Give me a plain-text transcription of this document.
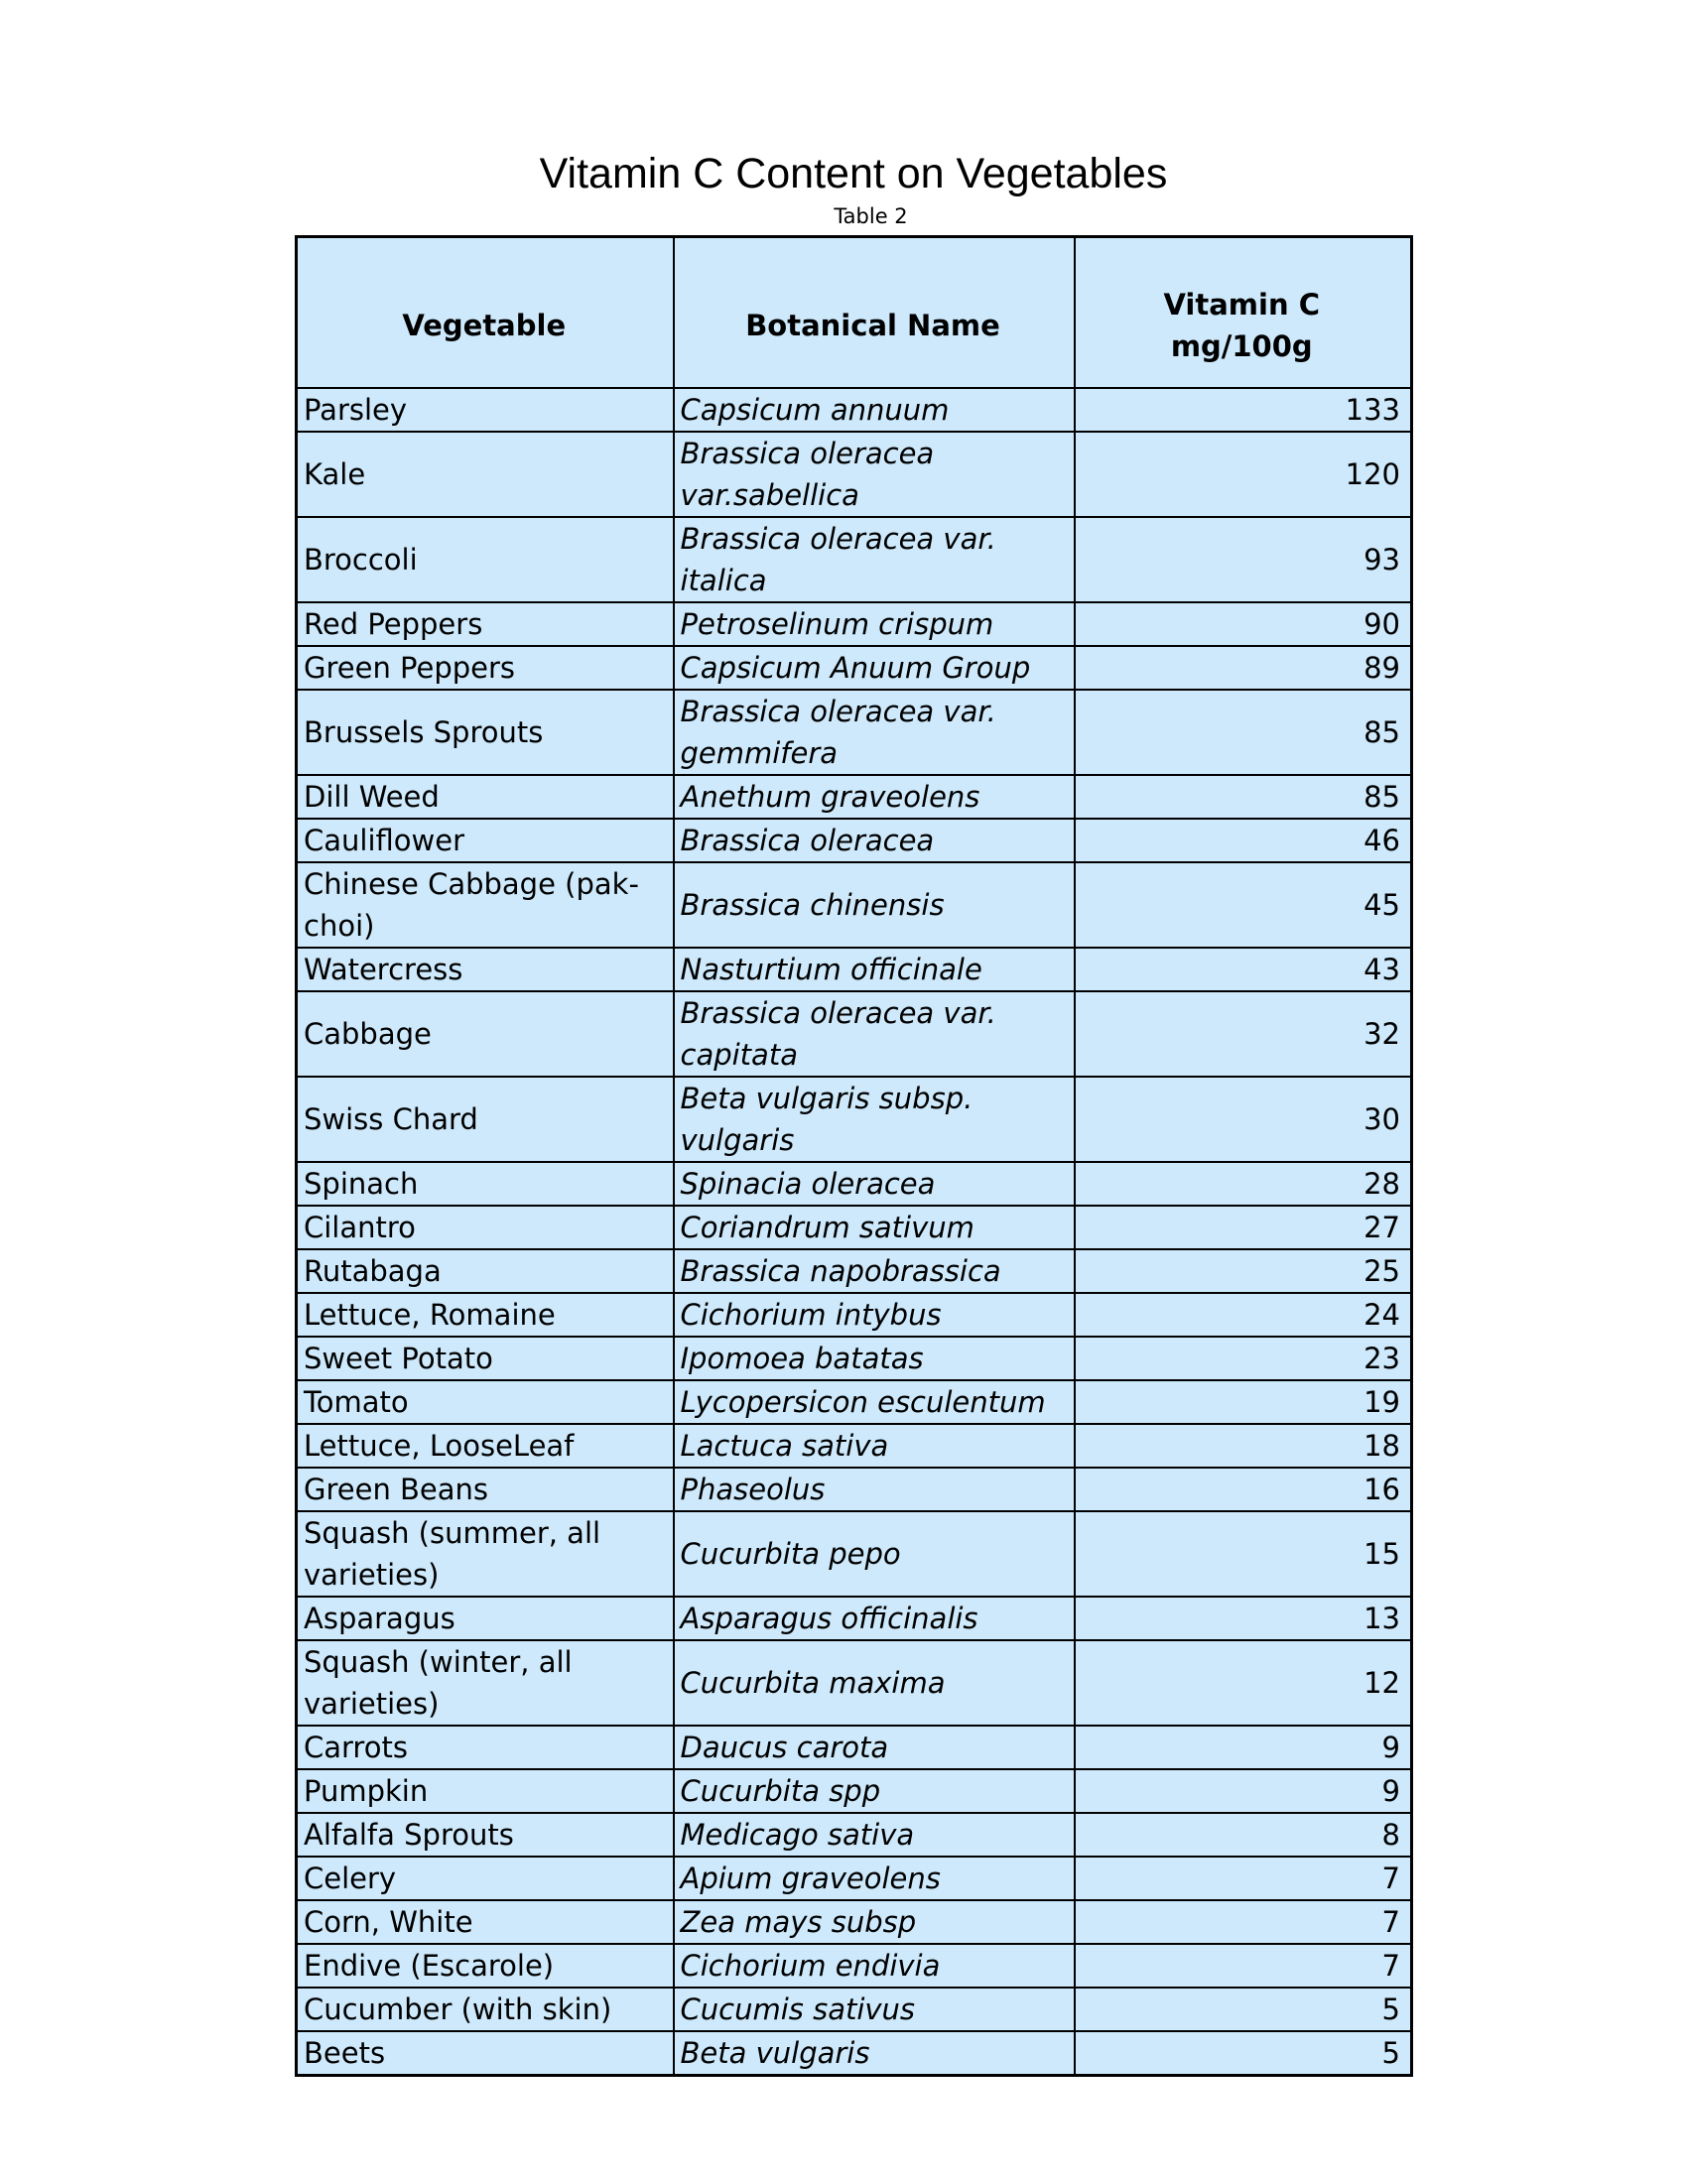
Vitamin C Content on Vegetables
Table 2
Vegetable	Botanical Name	Vitamin C
mg/100g
Parsley	Capsicum annuum	133
Kale	Brassica oleracea var.sabellica	120
Broccoli	Brassica oleracea var. italica	93
Red Peppers	Petroselinum crispum	90
Green Peppers	Capsicum Anuum Group	89
Brussels Sprouts	Brassica oleracea var. gemmifera	85
Dill Weed	Anethum graveolens	85
Cauliflower	Brassica oleracea	46
Chinese Cabbage (pak-choi)	Brassica chinensis	45
Watercress	Nasturtium officinale	43
Cabbage	Brassica oleracea var. capitata	32
Swiss Chard	Beta vulgaris subsp. vulgaris	30
Spinach	Spinacia oleracea	28
Cilantro	Coriandrum sativum	27
Rutabaga	Brassica napobrassica	25
Lettuce, Romaine	Cichorium intybus	24
Sweet Potato	Ipomoea batatas	23
Tomato	Lycopersicon esculentum	19
Lettuce, LooseLeaf	Lactuca sativa	18
Green Beans	Phaseolus	16
Squash (summer, all varieties)	Cucurbita pepo	15
Asparagus	Asparagus officinalis	13
Squash (winter, all varieties)	Cucurbita maxima	12
Carrots	Daucus carota	9
Pumpkin	Cucurbita spp	9
Alfalfa Sprouts	Medicago sativa	8
Celery	Apium graveolens	7
Corn, White	Zea mays subsp	7
Endive (Escarole)	Cichorium endivia	7
Cucumber (with skin)	Cucumis sativus	5
Beets	Beta vulgaris	5
